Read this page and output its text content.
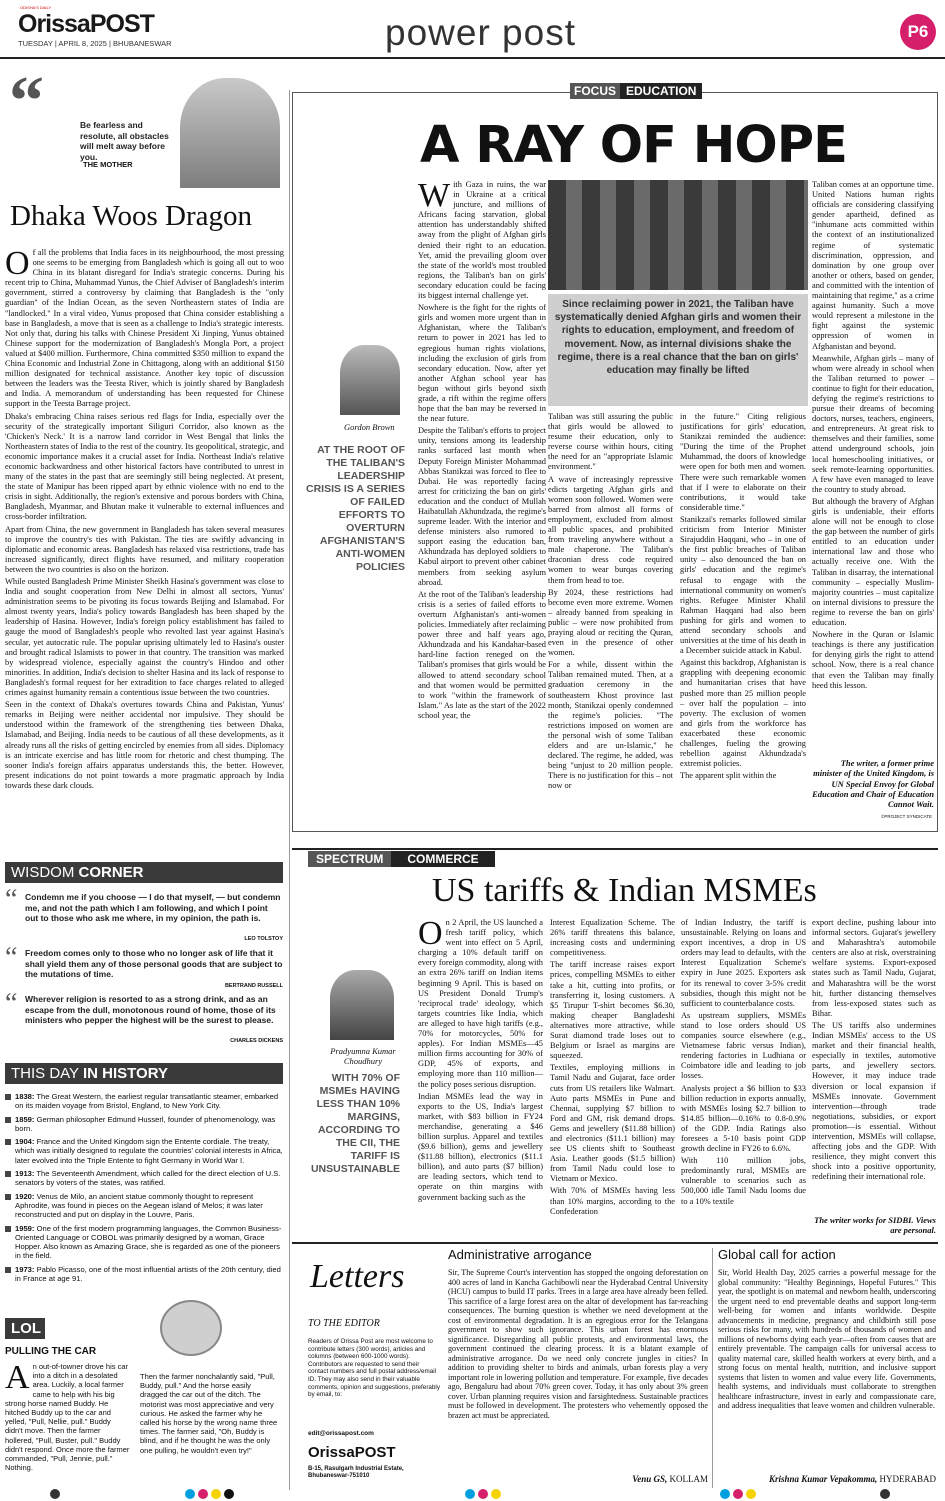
OrissaPOST
ODISHA'S DAILY
TUESDAY | APRIL 8, 2025 | BHUBANESWAR	power post	P6
“	Be fearless and resolute, all obstacles will melt away before you.
THE MOTHER
Dhaka Woos Dragon

Of all the problems that India faces in its neighbourhood, the most pressing one seems to be emerging from Bangladesh which is going all out to woo China in its blatant disregard for India's strategic concerns. During his recent trip to China, Muhammad Yunus, the Chief Adviser of Bangladesh's interim government, stirred a controversy by claiming that Bangladesh is the "only guardian" of the Indian Ocean, as the seven Northeastern states of India are "landlocked." In a viral video, Yunus proposed that China consider establishing a base in Bangladesh, a move that is seen as a challenge to India's strategic interests. Not only that, during his talks with Chinese President Xi Jinping, Yunus obtained Chinese support for the modernization of Bangladesh's Mongla Port, a project valued at $400 million. Furthermore, China committed $350 million to expand the China Economic and Industrial Zone in Chittagong, along with an additional $150 million designated for technical assistance. Another key topic of discussion between the leaders was the Teesta River, which is jointly shared by Bangladesh and India. A memorandum of understanding has been requested for Chinese support in the Teesta Barrage project.

Dhaka's embracing China raises serious red flags for India, especially over the security of the strategically important Siliguri Corridor, also known as the 'Chicken's Neck.' It is a narrow land corridor in West Bengal that links the Northeastern states of India to the rest of the country. Its geopolitical, strategic, and economic importance makes it a crucial asset for India. Northeast India's relative economic backwardness and other historical factors have contributed to unrest in many of the states in the past that are seemingly still being neglected. At present, the state of Manipur has been ripped apart by ethnic violence with no end to the crisis in sight. Additionally, the region's extensive and porous borders with China, Bangladesh, Myanmar, and Bhutan make it vulnerable to external influences and cross-border infiltration.

Apart from China, the new government in Bangladesh has taken several measures to improve the country's ties with Pakistan. The ties are swiftly advancing in diplomatic and economic areas. Bangladesh has relaxed visa restrictions, trade has increased significantly, direct flights have resumed, and military cooperation between the two countries is also on the horizon.

While ousted Bangladesh Prime Minister Sheikh Hasina's government was close to India and sought cooperation from New Delhi in almost all sectors, Yunus' administration seems to be pivoting its focus towards Beijing and Islamabad. For almost twenty years, India's policy towards Bangladesh has been shaped by the leadership of Hasina. However, India's foreign policy establishment has failed to gauge the mood of Bangladesh's people who revolted last year against Hasina's secular, yet autocratic rule. The popular uprising ultimately led to Hasina's ouster and brought radical Islamists to power in that country. The transition was marked by widespread violence, especially against the country's Hindoo and other minorities. In addition, India's decision to shelter Hasina and its lack of response to Bangladesh's formal request for her extradition to face charges related to alleged crimes against humanity remain a contentious issue between the two countries.

Seen in the context of Dhaka's overtures towards China and Pakistan, Yunus' remarks in Beijing were neither accidental nor impulsive. They should be understood within the framework of the strengthening ties between Dhaka, Islamabad, and Beijing. India needs to be cautious of all these developments, as it already runs all the risks of getting encircled by enemies from all sides. Diplomacy is an intricate exercise and has little room for rhetoric and chest thumping. The sooner India's foreign affairs apparatus understands this, the better. However, present indications do not point towards a more pragmatic approach by India towards these dark clouds.

WISDOM CORNER
“ Condemn me if you choose — I do that myself, — but condemn me, and not the path which I am following, and which I point out to those who ask me where, in my opinion, the path is.
LEO TOLSTOY
“ Freedom comes only to those who no longer ask of life that it shall yield them any of those personal goods that are subject to the mutations of time.
BERTRAND RUSSELL
“ Wherever religion is resorted to as a strong drink, and as an escape from the dull, monotonous round of home, those of its ministers who pepper the highest will be the surest to please.
CHARLES DICKENS
THIS DAY IN HISTORY
1838: The Great Western, the earliest regular transatlantic steamer, embarked on its maiden voyage from Bristol, England, to New York City.
1859: German philosopher Edmund Husserl, founder of phenomenology, was born.
1904: France and the United Kingdom sign the Entente cordiale. The treaty, which was initially designed to regulate the countries' colonial interests in Africa, later evolved into the Triple Entente to fight Germany in World War I.
1913: The Seventeenth Amendment, which called for the direct election of U.S. senators by voters of the states, was ratified.
1920: Venus de Milo, an ancient statue commonly thought to represent Aphrodite, was found in pieces on the Aegean island of Melos; it was later reconstructed and put on display in the Louvre, Paris.
1959: One of the first modern programming languages, the Common Business-Oriented Language or COBOL was primarily designed by a woman, Grace Hopper. Also known as Amazing Grace, she is regarded as one of the pioneers in the field.
1973: Pablo Picasso, one of the most influential artists of the 20th century, died in France at age 91.
LOL
PULLING THE CAR
An out-of-towner drove his car into a ditch in a desolated area. Luckily, a local farmer came to help with his big strong horse named Buddy. He hitched Buddy up to the car and yelled, "Pull, Nellie, pull." Buddy didn't move. Then the farmer hollered, "Pull, Buster, pull." Buddy didn't respond. Once more the farmer commanded, "Pull, Jennie, pull." Nothing.
Then the farmer nonchalantly said, "Pull, Buddy, pull." And the horse easily dragged the car out of the ditch. The motorist was most appreciative and very curious. He asked the farmer why he called his horse by the wrong name three times. The farmer said, "Oh, Buddy is blind, and if he thought he was the only one pulling, he wouldn't even try!"
FOCUS EDUCATION
A RAY OF HOPE
Gordon Brown
AT THE ROOT OF THE TALIBAN'S LEADERSHIP CRISIS IS A SERIES OF FAILED EFFORTS TO OVERTURN AFGHANISTAN'S ANTI-WOMEN POLICIES

With Gaza in ruins, the war in Ukraine at a critical juncture, and millions of Africans facing starvation, global attention has understandably shifted away from the plight of Afghan girls denied their right to an education. Yet, amid the prevailing gloom over the state of the world's most troubled regions, the Taliban's ban on girls' secondary education could be facing its biggest internal challenge yet.

Nowhere is the fight for the rights of girls and women more urgent than in Afghanistan, where the Taliban's return to power in 2021 has led to egregious human rights violations, including the exclusion of girls from secondary education. Now, after yet another Afghan school year has begun without girls beyond sixth grade, a rift within the regime offers hope that the ban may be reversed in the near future.

Despite the Taliban's efforts to project unity, tensions among its leadership ranks surfaced last month when Deputy Foreign Minister Mohammad Abbas Stanikzai was forced to flee to Dubai. He was reportedly facing arrest for criticizing the ban on girls' education and the conduct of Mullah Haibatullah Akhundzada, the regime's supreme leader. With the interior and defense ministers also rumored to support easing the education ban, Akhundzada has deployed soldiers to Kabul airport to prevent other cabinet members from seeking asylum abroad.

At the root of the Taliban's leadership crisis is a series of failed efforts to overturn Afghanistan's anti-women policies. Immediately after reclaiming power three and half years ago, Akhundzada and his Kandahar-based hard-line faction reneged on the Taliban's promises that girls would be allowed to attend secondary school and that women would be permitted to work "within the framework of Islam." As late as the start of the 2022 school year, the

Since reclaiming power in 2021, the Taliban have systematically denied Afghan girls and women their rights to education, employment, and freedom of movement. Now, as internal divisions shake the regime, there is a real chance that the ban on girls' education may finally be lifted

Taliban was still assuring the public that girls would be allowed to resume their education, only to reverse course within hours, citing the need for an "appropriate Islamic environment."

A wave of increasingly repressive edicts targeting Afghan girls and women soon followed. Women were barred from almost all forms of employment, excluded from almost all public spaces, and prohibited from traveling anywhere without a male chaperone. The Taliban's draconian dress code required women to wear burqas covering them from head to toe.

By 2024, these restrictions had become even more extreme. Women – already banned from speaking in public – were now prohibited from praying aloud or reciting the Quran, even in the presence of other women.

For a while, dissent within the Taliban remained muted. Then, at a graduation ceremony in the southeastern Khost province last month, Stanikzai openly condemned the regime's policies. "The restrictions imposed on women are the personal wish of some Taliban elders and are un-Islamic," he declared. The regime, he added, was being "unjust to 20 million people. There is no justification for this – not now or

in the future." Citing religious justifications for girls' education, Stanikzai reminded the audience: "During the time of the Prophet Muhammad, the doors of knowledge were open for both men and women. There were such remarkable women that if I were to elaborate on their contributions, it would take considerable time."

Stanikzai's remarks followed similar criticism from Interior Minister Sirajuddin Haqqani, who – in one of the first public breaches of Taliban unity – also denounced the ban on girls' education and the regime's refusal to engage with the international community on women's rights. Refugee Minister Khalil Rahman Haqqani had also been pushing for girls and women to attend secondary schools and universities at the time of his death in a December suicide attack in Kabul.

Against this backdrop, Afghanistan is grappling with deepening economic and humanitarian crises that have pushed more than 25 million people – over half the population – into poverty. The exclusion of women and girls from the workforce has exacerbated these economic challenges, fueling the growing rebellion against Akhundzada's extremist policies.

The apparent split within the

Taliban comes at an opportune time. United Nations human rights officials are considering classifying gender apartheid, defined as "inhumane acts committed within the context of an institutionalized regime of systematic discrimination, oppression, and domination by one group over another or others, based on gender, and committed with the intention of maintaining that regime," as a crime against humanity. Such a move would represent a milestone in the fight against the systemic oppression of women in Afghanistan and beyond.

Meanwhile, Afghan girls – many of whom were already in school when the Taliban returned to power – continue to fight for their education, defying the regime's restrictions to pursue their dreams of becoming doctors, nurses, teachers, engineers, and entrepreneurs. At great risk to themselves and their families, some attend underground schools, join local homeschooling initiatives, or seek remote-learning opportunities. A few have even managed to leave the country to study abroad.

But although the bravery of Afghan girls is undeniable, their efforts alone will not be enough to close the gap between the number of girls entitled to an education under international law and those who actually receive one. With the Taliban in disarray, the international community – especially Muslim-majority countries – must capitalize on internal divisions to pressure the regime to reverse the ban on girls' education.

Nowhere in the Quran or Islamic teachings is there any justification for denying girls the right to attend school. Now, there is a real chance that even the Taliban may finally heed this lesson.

The writer, a former prime minister of the United Kingdom, is UN Special Envoy for Global Education and Chair of Education Cannot Wait.
©PROJECT SYNDICATE
SPECTRUM COMMERCE
US tariffs & Indian MSMEs
Pradyumna Kumar Choudhury
WITH 70% OF MSMEs HAVING LESS THAN 10% MARGINS, ACCORDING TO THE CII, THE TARIFF IS UNSUSTAINABLE

On 2 April, the US launched a fresh tariff policy, which went into effect on 5 April, charging a 10% default tariff on every foreign commodity, along with an extra 26% tariff on Indian items beginning 9 April. This is based on US President Donald Trump's 'reciprocal trade' ideology, which targets countries like India, which are alleged to have high tariffs (e.g., 70% for motorcycles, 50% for apples). For Indian MSMEs—45 million firms accounting for 30% of GDP, 45% of exports, and employing more than 110 million—the policy poses serious disruption.

Indian MSMEs lead the way in exports to the US, India's largest market, with $83 billion in FY24 merchandise, generating a $46 billion surplus. Apparel and textiles ($9.6 billion), gems and jewellery ($11.88 billion), electronics ($11.1 billion), and auto parts ($7 billion) are leading sectors, which tend to operate on thin margins with government backing such as the

Interest Equalization Scheme. The 26% tariff threatens this balance, increasing costs and undermining competitiveness.

The tariff increase raises export prices, compelling MSMEs to either take a hit, cutting into profits, or transferring it, losing customers. A $5 Tirupur T-shirt becomes $6.30, making cheaper Bangladeshi alternatives more attractive, while Surat diamond trade loses out to Belgium or Israel as margins are squeezed.

Textiles, employing millions in Tamil Nadu and Gujarat, face order cuts from US retailers like Walmart. Auto parts MSMEs in Pune and Chennai, supplying $7 billion to Ford and GM, risk demand drops. Gems and jewellery ($11.88 billion) and electronics ($11.1 billion) may see US clients shift to Southeast Asia. Leather goods ($1.5 billion) from Tamil Nadu could lose to Vietnam or Mexico.

With 70% of MSMEs having less than 10% margins, according to the Confederation

of Indian Industry, the tariff is unsustainable. Relying on loans and export incentives, a drop in US orders may lead to defaults, with the Interest Equalization Scheme's expiry in June 2025. Exporters ask for its renewal to cover 3-5% credit subsidies, though this might not be sufficient to counterbalance costs.

As upstream suppliers, MSMEs stand to lose orders should US companies source elsewhere (e.g., Vietnamese fabric versus Indian), rendering factories in Ludhiana or Coimbatore idle and leading to job losses.

Analysts project a $6 billion to $33 billion reduction in exports annually, with MSMEs losing $2.7 billion to $14.85 billion—0.16% to 0.8-0.9% of the GDP. India Ratings also foresees a 5-10 basis point GDP growth decline in FY26 to 6.6%.

With 110 million jobs, predominantly rural, MSMEs are vulnerable to scenarios such as 500,000 idle Tamil Nadu looms due to a 10% textile

export decline, pushing labour into informal sectors. Gujarat's jewellery and Maharashtra's automobile centers are also at risk, overstraining welfare systems. Export-exposed states such as Tamil Nadu, Gujarat, and Maharashtra will be the worst hit, further distancing themselves from less-exposed states such as Bihar.

The US tariffs also undermines Indian MSMEs' access to the US market and their financial health, especially in textiles, automotive parts, and jewellery sectors. However, it may induce trade diversion or local expansion if MSMEs innovate. Government intervention—through trade negotiations, subsidies, or export promotion—is essential. Without intervention, MSMEs will collapse, affecting jobs and the GDP. With resilience, they might convert this shock into a positive opportunity, redefining their international role.

The writer works for SIDBI. Views are personal.
Letters
TO THE EDITOR
Readers of Orissa Post are most welcome to contribute letters (300 words), articles and columns (between 600-1000 words). Contributors are requested to send their contact numbers and full postal address/email ID. They may also send in their valuable comments, opinion and suggestions, preferably by email, to:
edit@orissapost.com
OrissaPOST
B-15, Rasulgarh Industrial Estate, Bhubaneswar-751010
Administrative arrogance
Sir, The Supreme Court's intervention has stopped the ongoing deforestation on 400 acres of land in Kancha Gachibowli near the Hyderabad Central University (HCU) campus to build IT parks. Trees in a large area have already been felled. This sacrifice of a large forest area on the altar of development has far-reaching consequences. The burning question is whether we need development at the cost of environmental degradation. It is an egregious error for the Telangana government to show such ignorance. This urban forest has enormous significance. Disregarding all public protests, and environmental laws, the government continued the clearing process. It is a blatant example of administrative arrogance. Do we need only concrete jungles in cities? In addition to providing shelter to birds and animals, urban forests play a very important role in lowering pollution and temperature. For example, five decades ago, Bengaluru had about 70% green cover. Today, it has only about 3% green cover. Urban planning requires vision and farsightedness. Sustainable practices must be followed in development. The protesters who vehemently opposed the brazen act must be appreciated.
Venu GS, KOLLAM
Global call for action
Sir, World Health Day, 2025 carries a powerful message for the global community: "Healthy Beginnings, Hopeful Futures." This year, the spotlight is on maternal and newborn health, underscoring the urgent need to end preventable deaths and support long-term well-being for women and infants worldwide. Despite advancements in medicine, pregnancy and childbirth still pose serious risks for many, with hundreds of thousands of women and millions of newborns dying each year—often from causes that are entirely preventable. The campaign calls for universal access to quality maternal care, skilled health workers at every birth, and a strong focus on mental health, nutrition, and inclusive support systems that listen to women and value every life. Governments, health systems, and individuals must collaborate to strengthen healthcare infrastructure, invest in early and compassionate care, and address inequalities that leave women and children vulnerable.
Krishna Kumar Vepakomma, HYDERABAD
